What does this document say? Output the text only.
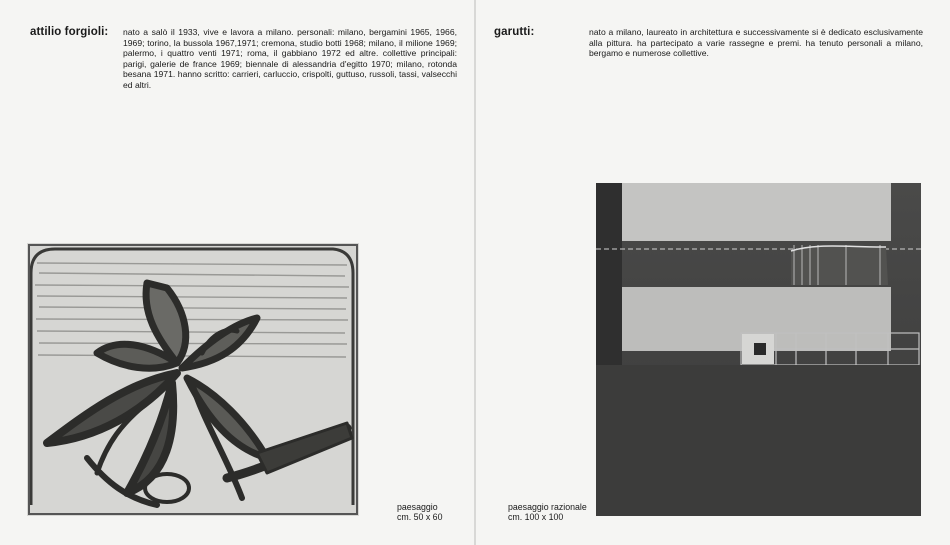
attilio forgioli: nato a salò il 1933, vive e lavora a milano. personali: milano, bergamini 1965, 1966, 1969; torino, la bussola 1967,1971; cremona, studio botti 1968; milano, il milione 1969; palermo, i quattro venti 1971; roma, il gabbiano 1972 ed altre. collettive principali: parigi, galerie de france 1969; biennale di alessandria d'egitto 1970; milano, rotonda besana 1971. hanno scritto: carrieri, carluccio, crispolti, guttuso, russoli, tassi, valsecchi ed altri.

paesaggio
cm. 50 x 60
garutti:	nato a milano, laureato in architettura e successivamente si è dedicato esclusivamente alla pittura. ha partecipato a varie rassegne e premi. ha tenuto personali a milano, bergamo e numerose collettive.

paesaggio razionale
cm. 100 x 100
